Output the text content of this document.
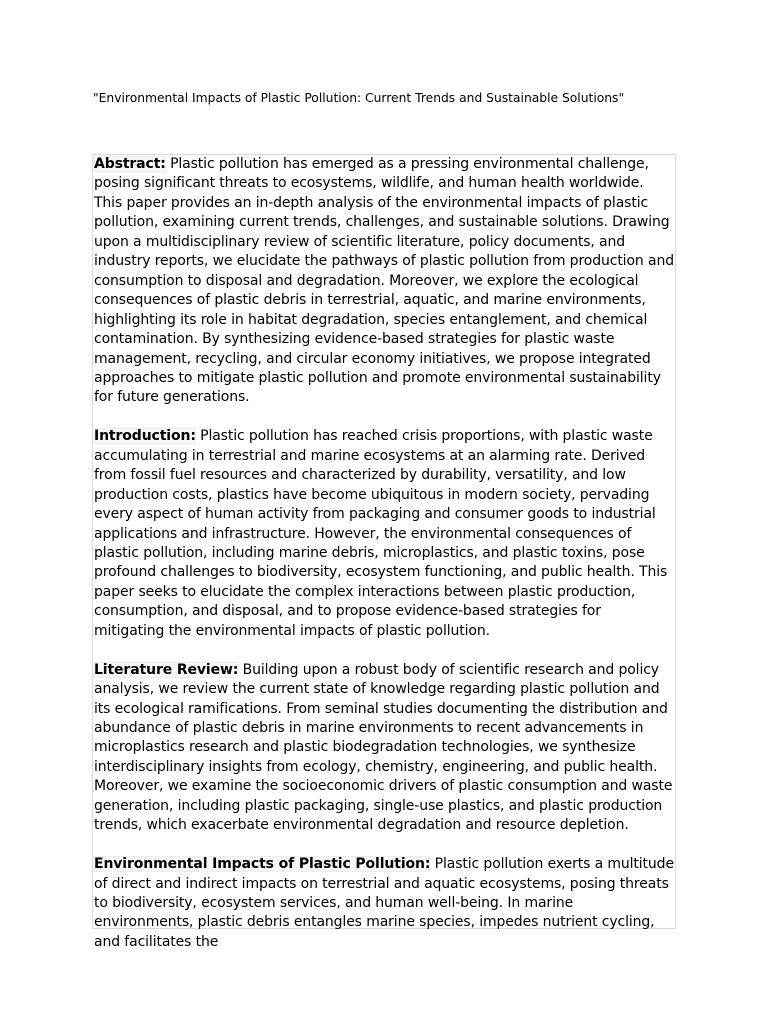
"Environmental Impacts of Plastic Pollution: Current Trends and Sustainable Solutions"

Abstract: Plastic pollution has emerged as a pressing environmental challenge, posing significant threats to ecosystems, wildlife, and human health worldwide. This paper provides an in-depth analysis of the environmental impacts of plastic pollution, examining current trends, challenges, and sustainable solutions. Drawing upon a multidisciplinary review of scientific literature, policy documents, and industry reports, we elucidate the pathways of plastic pollution from production and consumption to disposal and degradation. Moreover, we explore the ecological consequences of plastic debris in terrestrial, aquatic, and marine environments, highlighting its role in habitat degradation, species entanglement, and chemical contamination. By synthesizing evidence-based strategies for plastic waste management, recycling, and circular economy initiatives, we propose integrated approaches to mitigate plastic pollution and promote environmental sustainability for future generations.

Introduction: Plastic pollution has reached crisis proportions, with plastic waste accumulating in terrestrial and marine ecosystems at an alarming rate. Derived from fossil fuel resources and characterized by durability, versatility, and low production costs, plastics have become ubiquitous in modern society, pervading every aspect of human activity from packaging and consumer goods to industrial applications and infrastructure. However, the environmental consequences of plastic pollution, including marine debris, microplastics, and plastic toxins, pose profound challenges to biodiversity, ecosystem functioning, and public health. This paper seeks to elucidate the complex interactions between plastic production, consumption, and disposal, and to propose evidence-based strategies for mitigating the environmental impacts of plastic pollution.

Literature Review: Building upon a robust body of scientific research and policy analysis, we review the current state of knowledge regarding plastic pollution and its ecological ramifications. From seminal studies documenting the distribution and abundance of plastic debris in marine environments to recent advancements in microplastics research and plastic biodegradation technologies, we synthesize interdisciplinary insights from ecology, chemistry, engineering, and public health. Moreover, we examine the socioeconomic drivers of plastic consumption and waste generation, including plastic packaging, single-use plastics, and plastic production trends, which exacerbate environmental degradation and resource depletion.

Environmental Impacts of Plastic Pollution: Plastic pollution exerts a multitude of direct and indirect impacts on terrestrial and aquatic ecosystems, posing threats to biodiversity, ecosystem services, and human well-being. In marine environments, plastic debris entangles marine species, impedes nutrient cycling, and facilitates the
